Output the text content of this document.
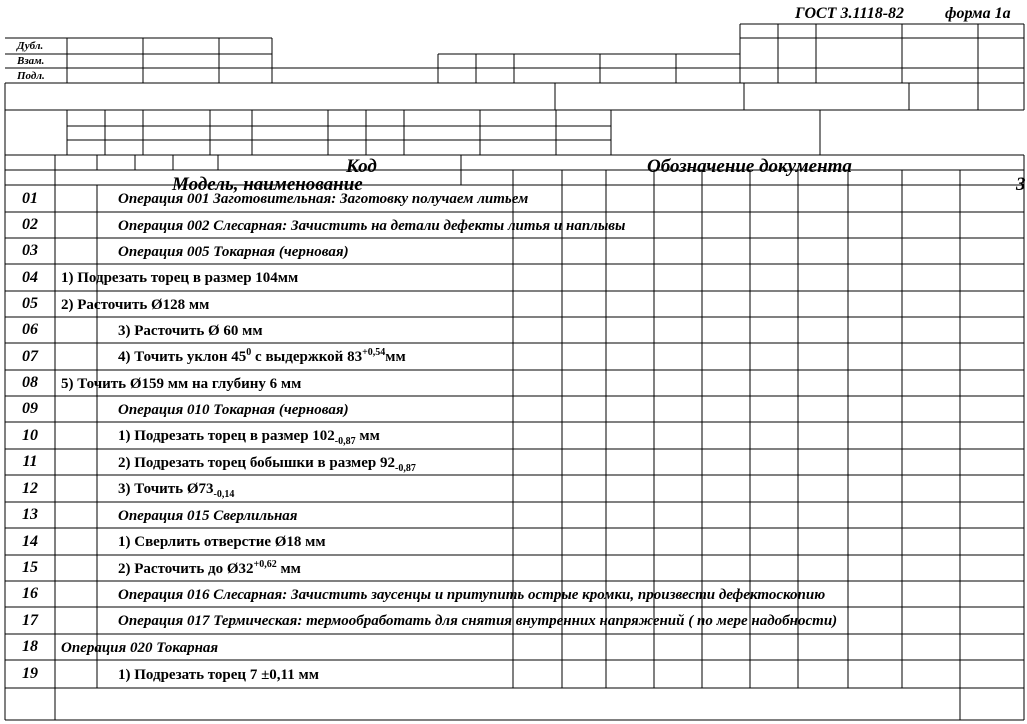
ГОСТ 3.1118-82	форма 1а
Дубл.
Взам.
Подл.
Код	Обозначение документа
Модель, наименование	3
01	Операция 001 Заготовительная: Заготовку получаем литьем
02	Операция 002 Слесарная: Зачистить на детали дефекты литья и наплывы
03	Операция 005 Токарная (черновая)
04	1) Подрезать торец в размер 104мм
05	2) Расточить Ø128 мм
06	3) Расточить Ø 60 мм
07	4) Точить уклон $45^0$ с выдержкой $83^{+0,54}мм$
08	5) Точить Ø159 мм на глубину 6 мм
09	Операция 010 Токарная (черновая)
10	1) Подрезать торец в размер $102_{-0,87}$ мм
11	2) Подрезать торец бобышки в размер $92_{-0,87}$
12	3) Точить $Ø73_{-0,14}$
13	Операция 015 Сверлильная
14	1) Сверлить отверстие Ø18 мм
15	2) Расточить до $Ø32^{+0,62}$ мм
16	Операция 016 Слесарная: Зачистить заусенцы и притупить острые кромки, произвести дефектоскопию
17	Операция 017 Термическая: термообработать для снятия внутренних напряжений ( по мере надобности)
18	Операция 020 Токарная
19	1) Подрезать торец 7 ±0,11 мм
